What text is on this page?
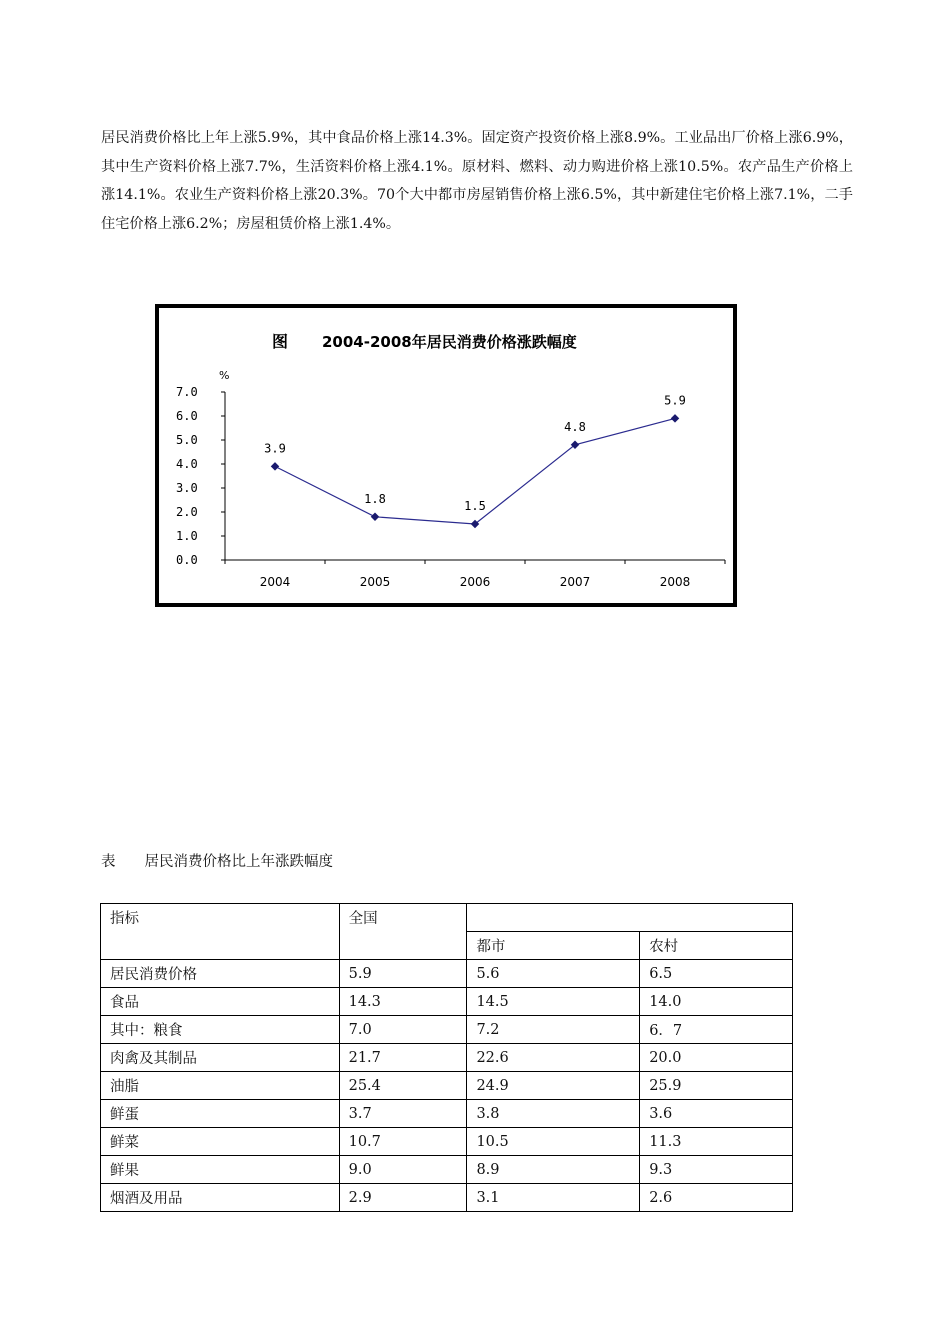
居民消费价格比上年上涨5.9%，其中食品价格上涨14.3%。固定资产投资价格上涨8.9%。工业品出厂价格上涨6.9%，其中生产资料价格上涨7.7%，生活资料价格上涨4.1%。原材料、燃料、动力购进价格上涨10.5%。农产品生产价格上涨14.1%。农业生产资料价格上涨20.3%。70个大中都市房屋销售价格上涨6.5%，其中新建住宅价格上涨7.1%，二手住宅价格上涨6.2%；房屋租赁价格上涨1.4%。

图 2004-2008年居民消费价格涨跌幅度
%
0.0
1.0
2.0
3.0
4.0
5.0
6.0
7.0
2004	2005	2006	2007	2008
3.9
1.8
1.5
4.8
5.9

表　　居民消费价格比上年涨跌幅度

指标	全国		
		都市	农村
居民消费价格	5.9	5.6	6.5
食品	14.3	14.5	14.0
其中：粮食	7.0	7.2	6．7
肉禽及其制品	21.7	22.6	20.0
油脂	25.4	24.9	25.9
鲜蛋	3.7	3.8	3.6
鲜菜	10.7	10.5	11.3
鲜果	9.0	8.9	9.3
烟酒及用品	2.9	3.1	2.6
